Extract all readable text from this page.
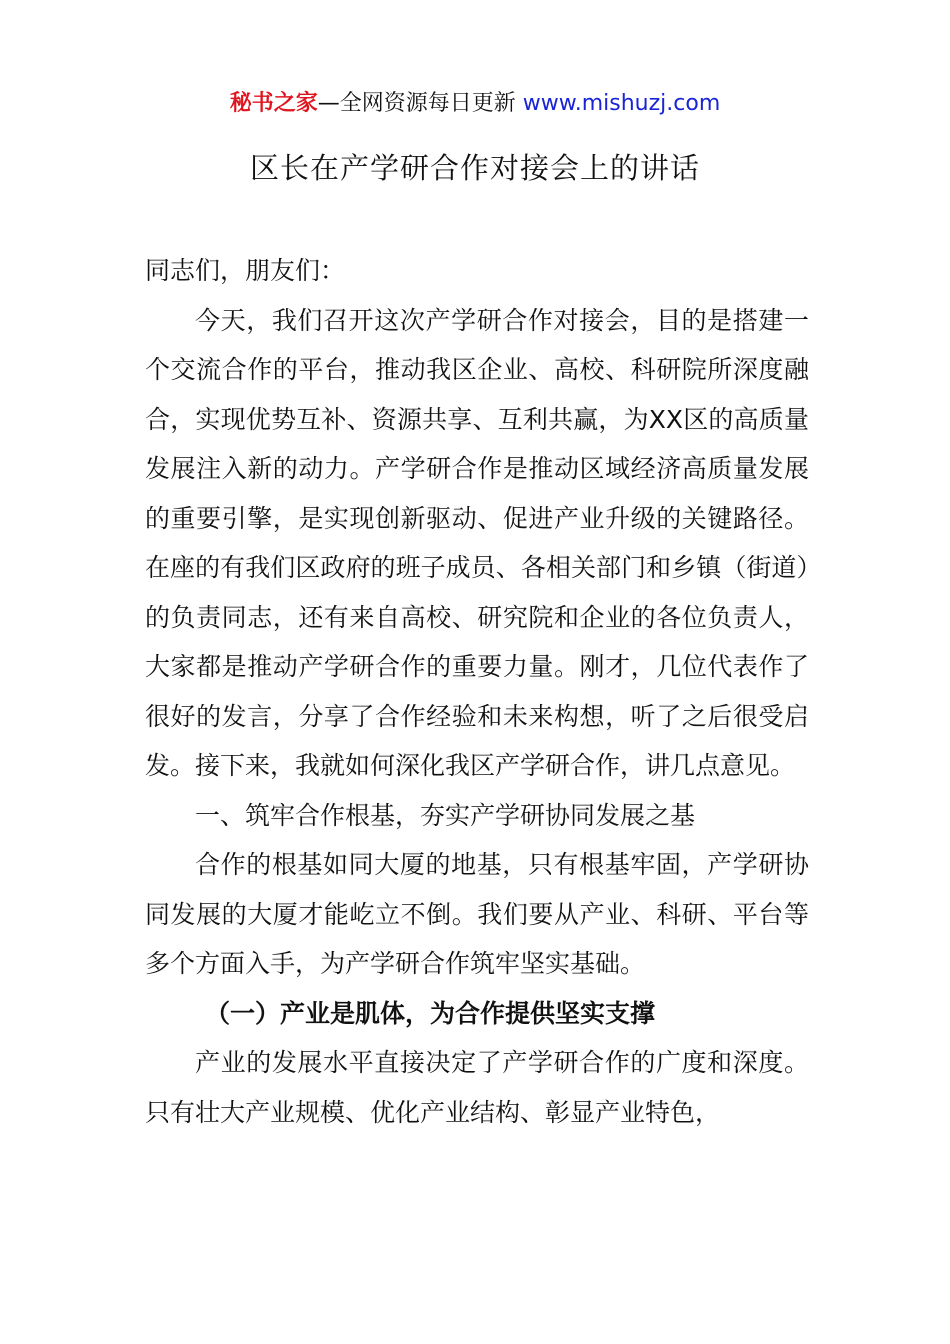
秘书之家—全网资源每日更新 www.mishuzj.com
区长在产学研合作对接会上的讲话

同志们，朋友们：

今天，我们召开这次产学研合作对接会，目的是搭建一个交流合作的平台，推动我区企业、高校、科研院所深度融合，实现优势互补、资源共享、互利共赢，为XX区的高质量发展注入新的动力。产学研合作是推动区域经济高质量发展的重要引擎，是实现创新驱动、促进产业升级的关键路径。在座的有我们区政府的班子成员、各相关部门和乡镇（街道）的负责同志，还有来自高校、研究院和企业的各位负责人，大家都是推动产学研合作的重要力量。刚才，几位代表作了很好的发言，分享了合作经验和未来构想，听了之后很受启发。接下来，我就如何深化我区产学研合作，讲几点意见。

一、筑牢合作根基，夯实产学研协同发展之基

合作的根基如同大厦的地基，只有根基牢固，产学研协同发展的大厦才能屹立不倒。我们要从产业、科研、平台等多个方面入手，为产学研合作筑牢坚实基础。

（一）产业是肌体，为合作提供坚实支撑

产业的发展水平直接决定了产学研合作的广度和深度。只有壮大产业规模、优化产业结构、彰显产业特色，
